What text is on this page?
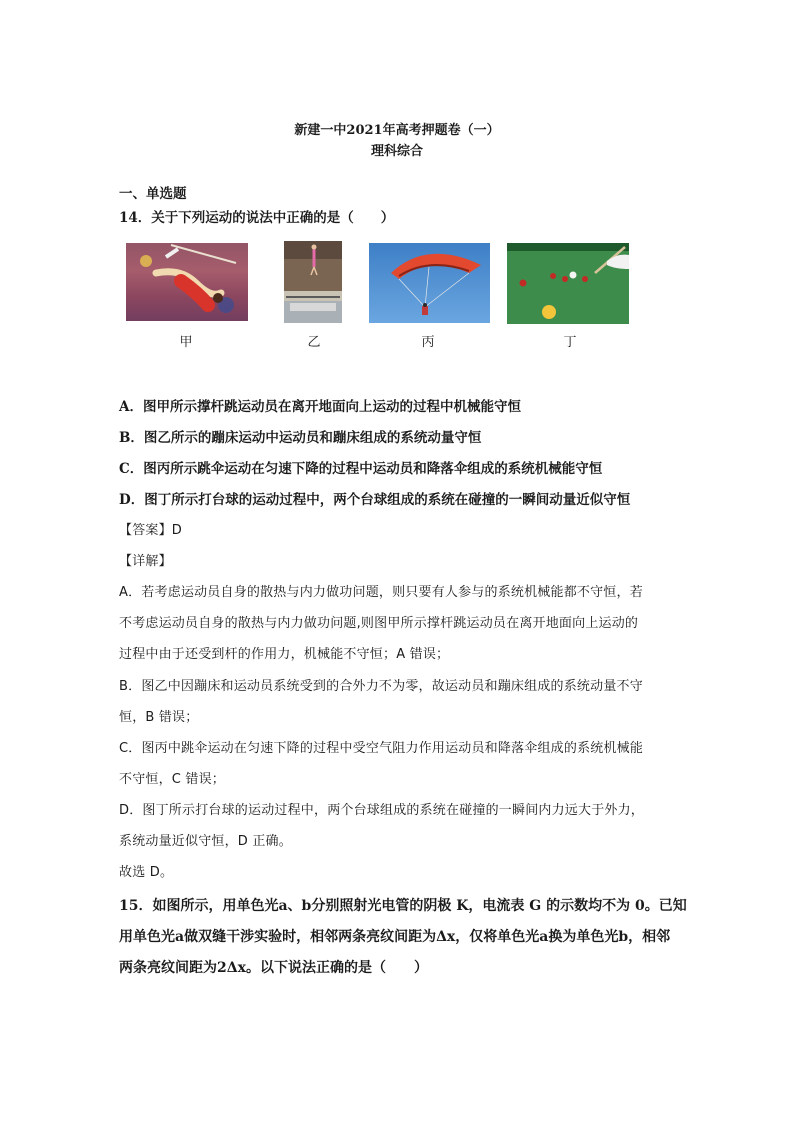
新建一中2021年高考押题卷（一）
理科综合
一、单选题
14．关于下列运动的说法中正确的是（　　）
甲	乙	丙	丁
A．图甲所示撑杆跳运动员在离开地面向上运动的过程中机械能守恒
B．图乙所示的蹦床运动中运动员和蹦床组成的系统动量守恒
C．图丙所示跳伞运动在匀速下降的过程中运动员和降落伞组成的系统机械能守恒
D．图丁所示打台球的运动过程中，两个台球组成的系统在碰撞的一瞬间动量近似守恒
【答案】D
【详解】
A．若考虑运动员自身的散热与内力做功问题，则只要有人参与的系统机械能都不守恒，若
不考虑运动员自身的散热与内力做功问题,则图甲所示撑杆跳运动员在离开地面向上运动的
过程中由于还受到杆的作用力，机械能不守恒；A 错误；
B．图乙中因蹦床和运动员系统受到的合外力不为零，故运动员和蹦床组成的系统动量不守
恒，B 错误；
C．图丙中跳伞运动在匀速下降的过程中受空气阻力作用运动员和降落伞组成的系统机械能
不守恒，C 错误；
D．图丁所示打台球的运动过程中，两个台球组成的系统在碰撞的一瞬间内力远大于外力，
系统动量近似守恒，D 正确。
故选 D。
15．如图所示，用单色光a、b分别照射光电管的阴极 K，电流表 G 的示数均不为 0。已知
用单色光a做双缝干涉实验时，相邻两条亮纹间距为Δx，仅将单色光a换为单色光b，相邻
两条亮纹间距为2Δx。以下说法正确的是（　　）
